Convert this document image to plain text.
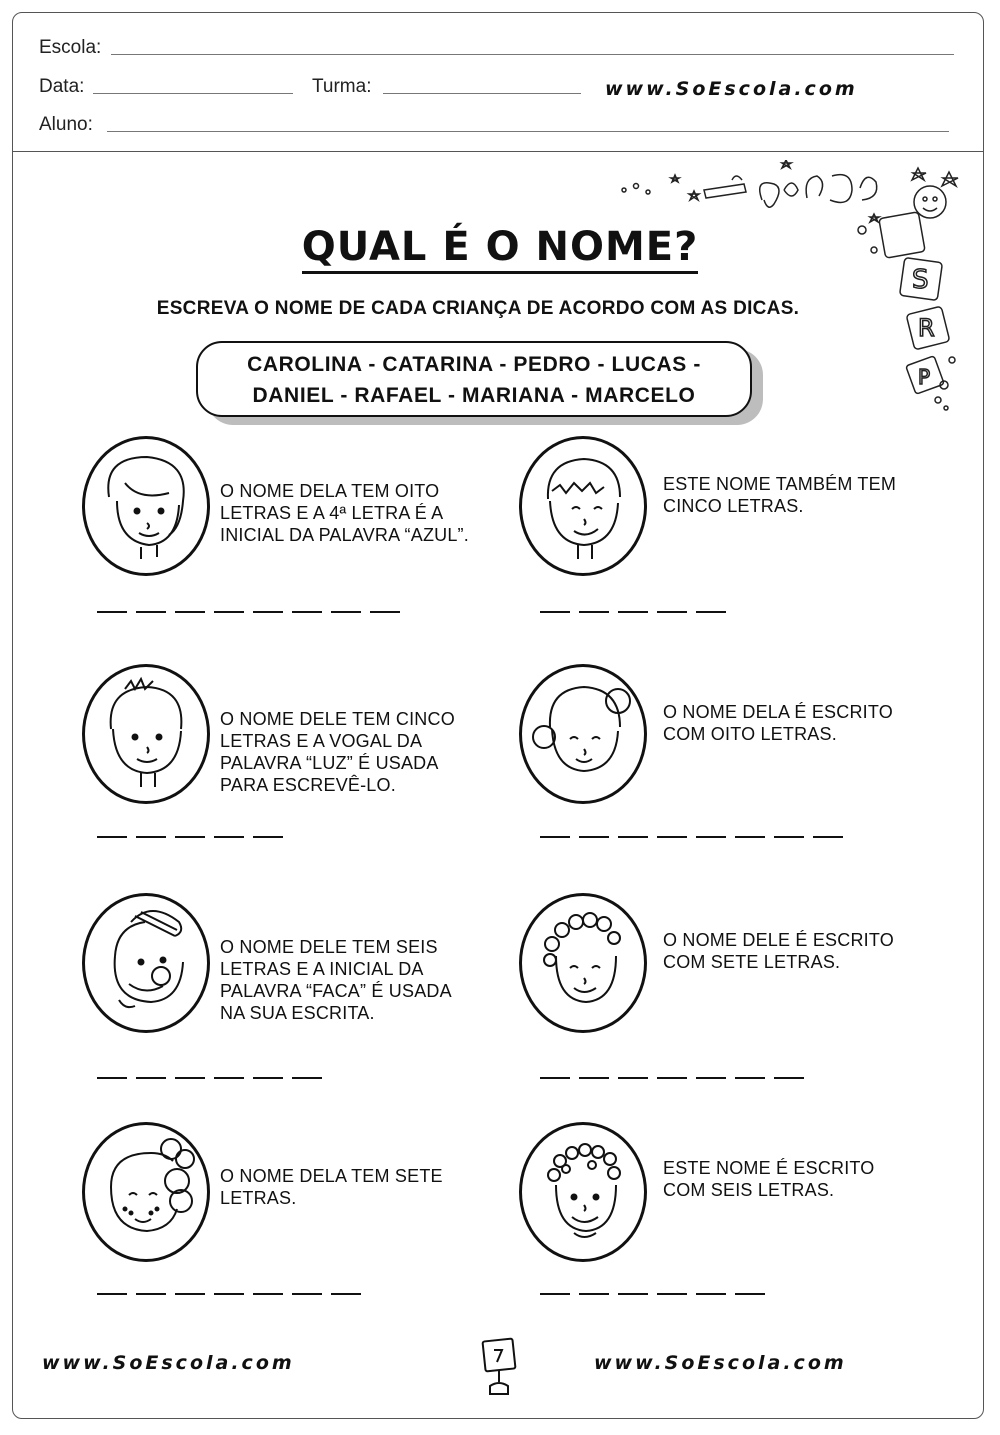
Escola:
Data:	Turma:	www.SoEscola.com
Aluno:
S
R
P
QUAL É O NOME?
ESCREVA O NOME DE CADA CRIANÇA DE ACORDO COM AS DICAS.
CAROLINA - CATARINA - PEDRO - LUCAS -
DANIEL - RAFAEL - MARIANA - MARCELO
O NOME DELA TEM OITO
LETRAS E A 4ª LETRA É A
INICIAL DA PALAVRA “AZUL”.
ESTE NOME TAMBÉM TEM
CINCO LETRAS.
O NOME DELE TEM CINCO
LETRAS E A VOGAL DA
PALAVRA “LUZ” É USADA
PARA ESCREVÊ-LO.
O NOME DELA É ESCRITO
COM OITO LETRAS.
O NOME DELE TEM SEIS
LETRAS E A INICIAL DA
PALAVRA “FACA” É USADA
NA SUA ESCRITA.
O NOME DELE É ESCRITO
COM SETE LETRAS.
O NOME DELA TEM SETE
LETRAS.
ESTE NOME É ESCRITO
COM SEIS LETRAS.
www.SoEscola.com	www.SoEscola.com
